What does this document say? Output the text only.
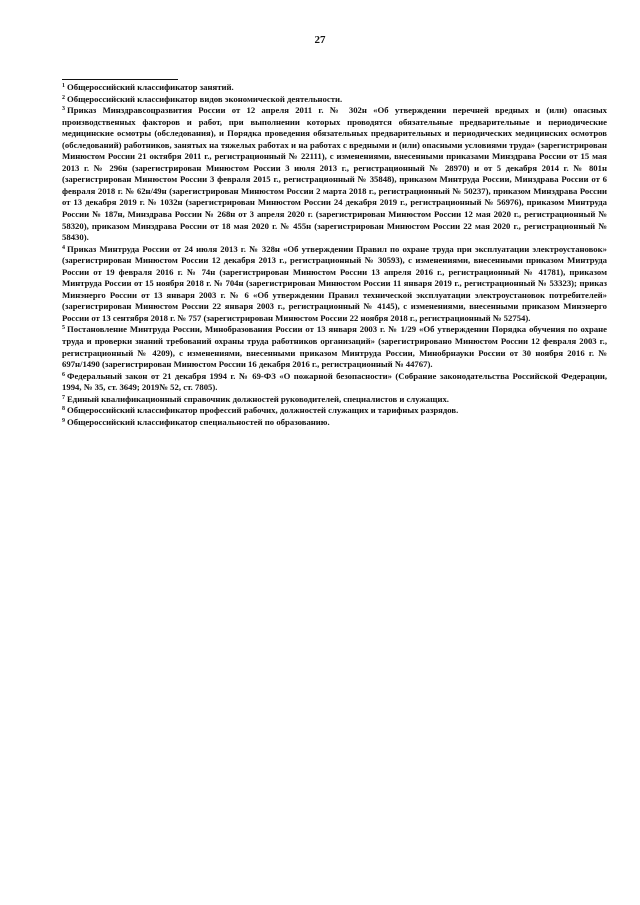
27
$^1$ Общероссийский классификатор занятий.
$^2$ Общероссийский классификатор видов экономической деятельности.
$^3$ Приказ Минздравсоцразвития России от 12 апреля 2011 г. № 302н «Об утверждении перечней вредных и (или) опасных производственных факторов и работ, при выполнении которых проводятся обязательные предварительные и периодические медицинские осмотры (обследования), и Порядка проведения обязательных предварительных и периодических медицинских осмотров (обследований) работников, занятых на тяжелых работах и на работах с вредными и (или) опасными условиями труда» (зарегистрирован Минюстом России 21 октября 2011 г., регистрационный № 22111), с изменениями, внесенными приказами Минздрава России от 15 мая 2013 г. № 296н (зарегистрирован Минюстом России 3 июля 2013 г., регистрационный № 28970) и от 5 декабря 2014 г. № 801н (зарегистрирован Минюстом России 3 февраля 2015 г., регистрационный № 35848), приказом Минтруда России, Минздрава России от 6 февраля 2018 г. № 62н/49н (зарегистрирован Минюстом России 2 марта 2018 г., регистрационный № 50237), приказом Минздрава России от 13 декабря 2019 г. № 1032н (зарегистрирован Минюстом России 24 декабря 2019 г., регистрационный № 56976), приказом Минтруда России № 187н, Минздрава России № 268н от 3 апреля 2020 г. (зарегистрирован Минюстом России 12 мая 2020 г., регистрационный № 58320), приказом Минздрава России от 18 мая 2020 г. № 455н (зарегистрирован Минюстом России 22 мая 2020 г., регистрационный № 58430).
$^4$ Приказ Минтруда России от 24 июля 2013 г. № 328н «Об утверждении Правил по охране труда при эксплуатации электроустановок» (зарегистрирован Минюстом России 12 декабря 2013 г., регистрационный № 30593), с изменениями, внесенными приказом Минтруда России от 19 февраля 2016 г. № 74н (зарегистрирован Минюстом России 13 апреля 2016 г., регистрационный № 41781), приказом Минтруда России от 15 ноября 2018 г. № 704н (зарегистрирован Минюстом России 11 января 2019 г., регистрационный № 53323); приказ Минэнерго России от 13 января 2003 г. № 6 «Об утверждении Правил технической эксплуатации электроустановок потребителей» (зарегистрирован Минюстом России 22 января 2003 г., регистрационный № 4145), с изменениями, внесенными приказом Минэнерго России от 13 сентября 2018 г. № 757 (зарегистрирован Минюстом России 22 ноября 2018 г., регистрационный № 52754).
$^5$ Постановление Минтруда России, Минобразования России от 13 января 2003 г. № 1/29 «Об утверждении Порядка обучения по охране труда и проверки знаний требований охраны труда работников организаций» (зарегистрировано Минюстом России 12 февраля 2003 г., регистрационный № 4209), с изменениями, внесенными приказом Минтруда России, Минобрнауки России от 30 ноября 2016 г. № 697н/1490 (зарегистрирован Минюстом России 16 декабря 2016 г., регистрационный № 44767).
$^6$ Федеральный закон от 21 декабря 1994 г. № 69-ФЗ «О пожарной безопасности» (Собрание законодательства Российской Федерации, 1994, № 35, ст. 3649; 2019№ 52, ст. 7805).
$^7$ Единый квалификационный справочник должностей руководителей, специалистов и служащих.
$^8$ Общероссийский классификатор профессий рабочих, должностей служащих и тарифных разрядов.
$^9$ Общероссийский классификатор специальностей по образованию.
